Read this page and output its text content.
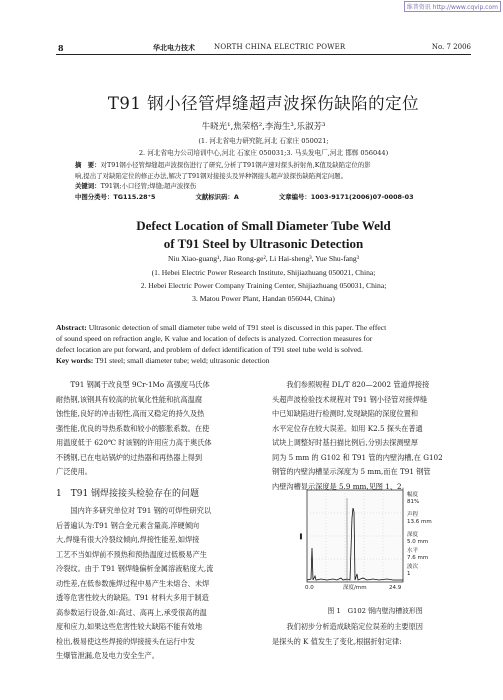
维普资讯 http://www.cqvip.com
8	华北电力技术	NORTH CHINA ELECTRIC POWER	No. 7 2006
T91 钢小径管焊缝超声波探伤缺陷的定位
牛晓光¹,焦荣格²,李海生³,乐淑芳³
(1. 河北省电力研究院,河北 石家庄 050021;
2. 河北省电力公司培训中心,河北 石家庄 050031;3. 马头发电厂,河北 邯郸 056044)
摘　要：对T91钢小径管焊缝超声波探伤进行了研究,分析了T91钢声速对探头折射角,K值及缺陷定位的影
响,提出了对缺陷定位的修正办法,解决了T91钢对接接头及异种钢接头超声波探伤缺陷判定问题。
关键词：T91钢;小口径管;焊缝;超声波探伤
中图分类号：TG115.28⁺5	文献标识码：A	文章编号：1003-9171(2006)07-0008-03
Defect Location of Small Diameter Tube Weld
of T91 Steel by Ultrasonic Detection
Niu Xiao-guang¹, Jiao Rong-ge², Li Hai-sheng³, Yue Shu-fang³
(1. Hebei Electric Power Research Institute, Shijiazhuang 050021, China;
2. Hebei Electric Power Company Training Center, Shijiazhuang 050031, China;
3. Matou Power Plant, Handan 056044, China)
Abstract: Ultrasonic detection of small diameter tube weld of T91 steel is discussed in this paper. The effect
of sound speed on refraction angle, K value and location of defects is analyzed. Correction measures for
defect location are put forward, and problem of defect identification of T91 steel tube weld is solved.
Key words: T91 steel; small diameter tube; weld; ultrasonic detection

T91 钢属于改良型 9Cr-1Mo 高强度马氏体

耐热钢,该钢具有较高的抗氧化性能和抗高温腐
蚀性能,良好的冲击韧性,高而又稳定的持久及热
强性能,优良的导热系数和较小的膨胀系数。在使
用温度低于 620℃ 时该钢的许用应力高于奥氏体
不锈钢,已在电站锅炉的过热器和再热器上得到
广泛使用。
1　T91 钢焊接接头检验存在的问题

国内许多研究单位对 T91 钢的可焊性研究以

后普遍认为:T91 钢合金元素含量高,淬硬倾向
大,焊缝有很大冷裂纹倾向,焊接性能差,如焊接
工艺不当如焊前不预热和预热温度过低极易产生
冷裂纹。由于 T91 钢焊缝偏析金属溶液粘度大,流
动性差,在低参数施焊过程中易产生未熔合、未焊
透等危害性较大的缺陷。T91 材料大多用于制造
高参数运行设备,如:高过、高再上,承受很高的温
度和应力,如果这些危害性较大缺陷不能有效地
检出,极易使这些焊接的焊接接头在运行中发
生爆管泄漏,危及电力安全生产。

我们参照规程 DL/T 820—2002 管道焊接接

头超声波检验技术规程对 T91 钢小径管对接焊缝
中已知缺陷进行检测时,发现缺陷的深度位置和
水平定位存在较大误差。如用 K2.5 探头在普通
试块上调整好时基扫描比例后,分别去探测壁厚
同为 5 mm 的 G102 和 T91 管的内壁沟槽,在 G102
钢管的内壁沟槽显示深度为 5 mm,而在 T91 钢管
内壁沟槽显示深度是 5.9 mm,见图 1、2。
▌
幅度
81%
声程
13.6 mm
深度
5.0 mm
水平
7.6 mm
波次
1
0.0	深度/mm	24.9
图 1　G102 钢内壁沟槽波形图

我们初步分析造成缺陷定位误差的主要原因

是探头的 K 值发生了变化,根据折射定律:
